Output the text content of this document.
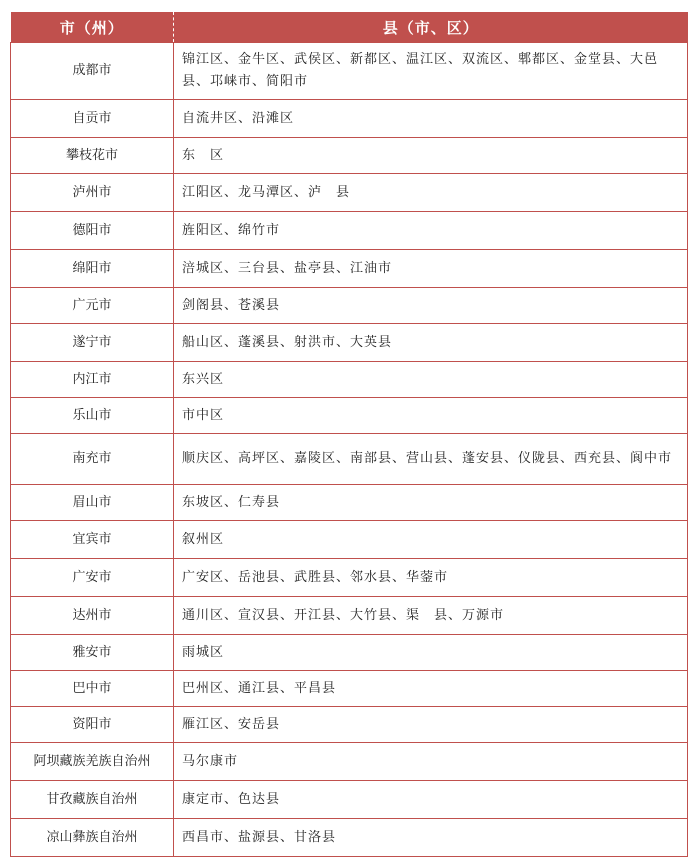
市（州）	县（市、区）
成都市	锦江区、金牛区、武侯区、新都区、温江区、双流区、郫都区、金堂县、大邑县、邛崃市、简阳市
自贡市	自流井区、沿滩区
攀枝花市	东　区
泸州市	江阳区、龙马潭区、泸　县
德阳市	旌阳区、绵竹市
绵阳市	涪城区、三台县、盐亭县、江油市
广元市	剑阁县、苍溪县
遂宁市	船山区、蓬溪县、射洪市、大英县
内江市	东兴区
乐山市	市中区
南充市	顺庆区、高坪区、嘉陵区、南部县、营山县、蓬安县、仪陇县、西充县、阆中市
眉山市	东坡区、仁寿县
宜宾市	叙州区
广安市	广安区、岳池县、武胜县、邻水县、华蓥市
达州市	通川区、宣汉县、开江县、大竹县、渠　县、万源市
雅安市	雨城区
巴中市	巴州区、通江县、平昌县
资阳市	雁江区、安岳县
阿坝藏族羌族自治州	马尔康市
甘孜藏族自治州	康定市、色达县
凉山彝族自治州	西昌市、盐源县、甘洛县
